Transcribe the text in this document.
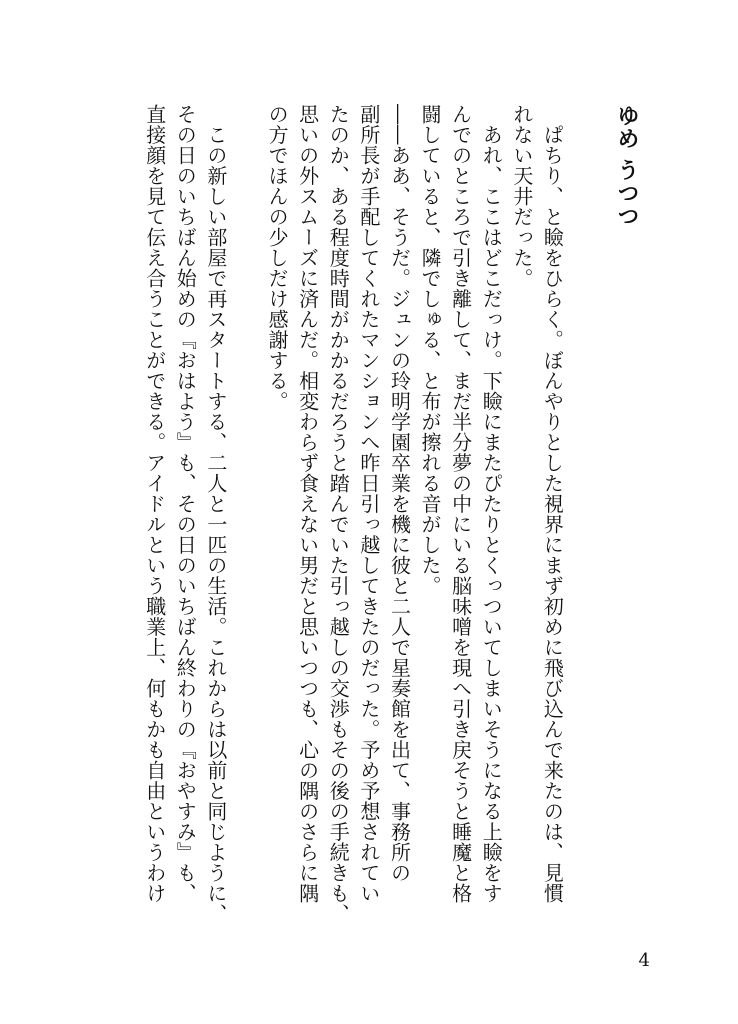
ゆめ うつつ

　ぱちり、と瞼をひらく。ぼんやりとした視界にまず初めに飛び込んで来たのは、見慣

れない天井だった。

　あれ、ここはどこだっけ。下瞼にまたぴたりとくっついてしまいそうになる上瞼をす

んでのところで引き離して、まだ半分夢の中にいる脳味噌を現へ引き戻そうと睡魔と格

闘していると、隣でしゅる、と布が擦れる音がした。

――ああ、そうだ。ジュンの玲明学園卒業を機に彼と二人で星奏館を出て、事務所の

副所長が手配してくれたマンションへ昨日引っ越してきたのだった。予め予想されてい

たのか、ある程度時間がかかるだろうと踏んでいた引っ越しの交渉もその後の手続きも、

思いの外スムーズに済んだ。相変わらず食えない男だと思いつつも、心の隅のさらに隅

の方でほんの少しだけ感謝する。

　この新しい部屋で再スタートする、二人と一匹の生活。これからは以前と同じように、

その日のいちばん始めの『おはよう』も、その日のいちばん終わりの『おやすみ』も、

直接顔を見て伝え合うことができる。アイドルという職業上、何もかも自由というわけ

4
